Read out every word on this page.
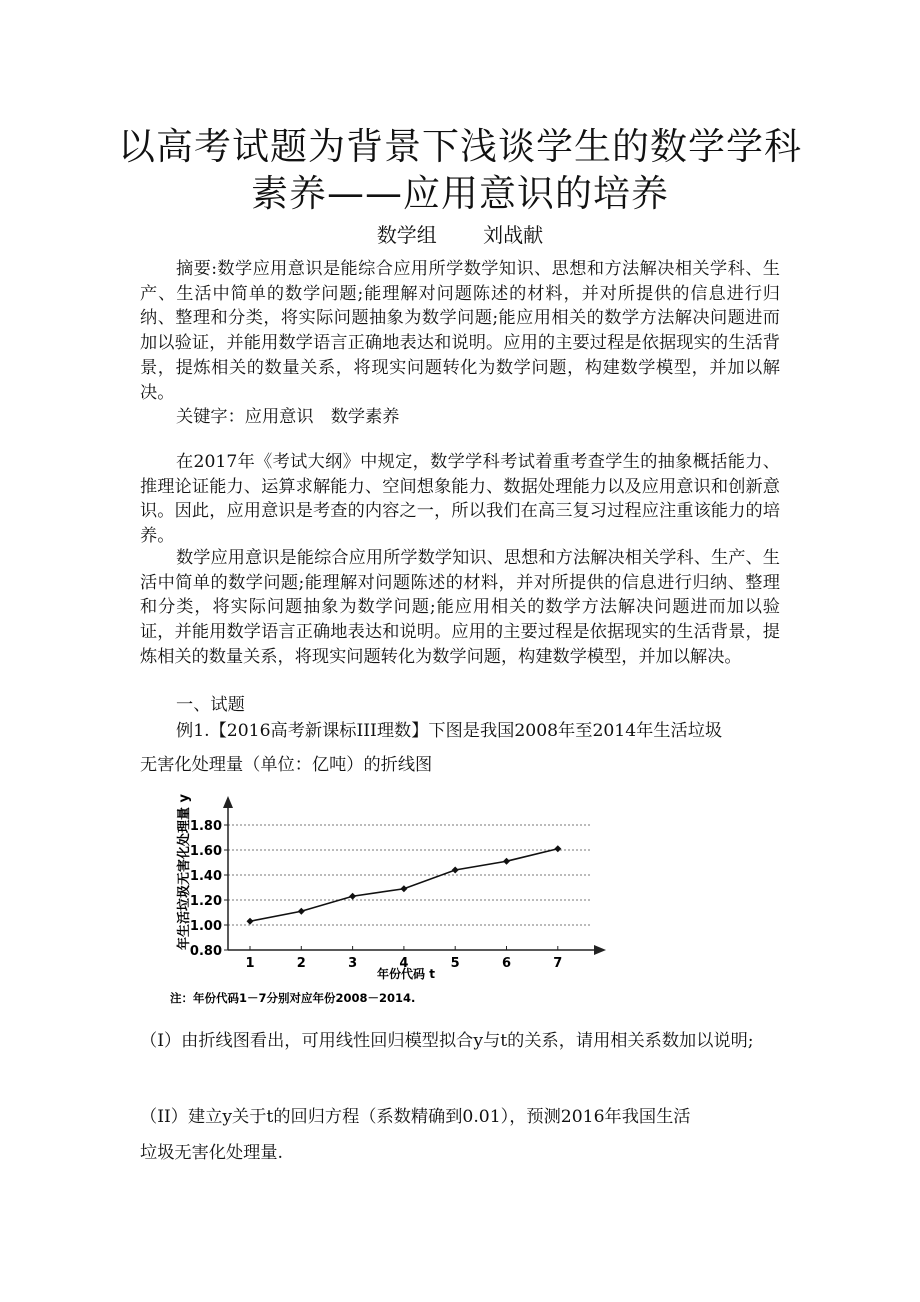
以高考试题为背景下浅谈学生的数学学科
素养——应用意识的培养
数学组 刘战献

摘要:数学应用意识是能综合应用所学数学知识、思想和方法解决相关学科、生产、生活中简单的数学问题;能理解对问题陈述的材料，并对所提供的信息进行归纳、整理和分类，将实际问题抽象为数学问题;能应用相关的数学方法解决问题进而加以验证，并能用数学语言正确地表达和说明。应用的主要过程是依据现实的生活背景，提炼相关的数量关系，将现实问题转化为数学问题，构建数学模型，并加以解决。

关键字：应用意识　数学素养

在2017年《考试大纲》中规定，数学学科考试着重考查学生的抽象概括能力、推理论证能力、运算求解能力、空间想象能力、数据处理能力以及应用意识和创新意识。因此，应用意识是考查的内容之一，所以我们在高三复习过程应注重该能力的培养。

数学应用意识是能综合应用所学数学知识、思想和方法解决相关学科、生产、生活中简单的数学问题;能理解对问题陈述的材料，并对所提供的信息进行归纳、整理和分类，将实际问题抽象为数学问题;能应用相关的数学方法解决问题进而加以验证，并能用数学语言正确地表达和说明。应用的主要过程是依据现实的生活背景，提炼相关的数量关系，将现实问题转化为数学问题，构建数学模型，并加以解决。

一、试题

例1.【2016高考新课标III理数】下图是我国2008年至2014年生活垃圾

无害化处理量（单位：亿吨）的折线图

0.80
1.00
1.20
1.40
1.60
1.80
1	2	3	4	5	6	7
年生活垃圾无害化处理量 y
年份代码 t
注：年份代码1－7分别对应年份2008－2014.

（I）由折线图看出，可用线性回归模型拟合y与t的关系，请用相关系数加以说明;

（II）建立y关于t的回归方程（系数精确到0.01），预测2016年我国生活

垃圾无害化处理量.
